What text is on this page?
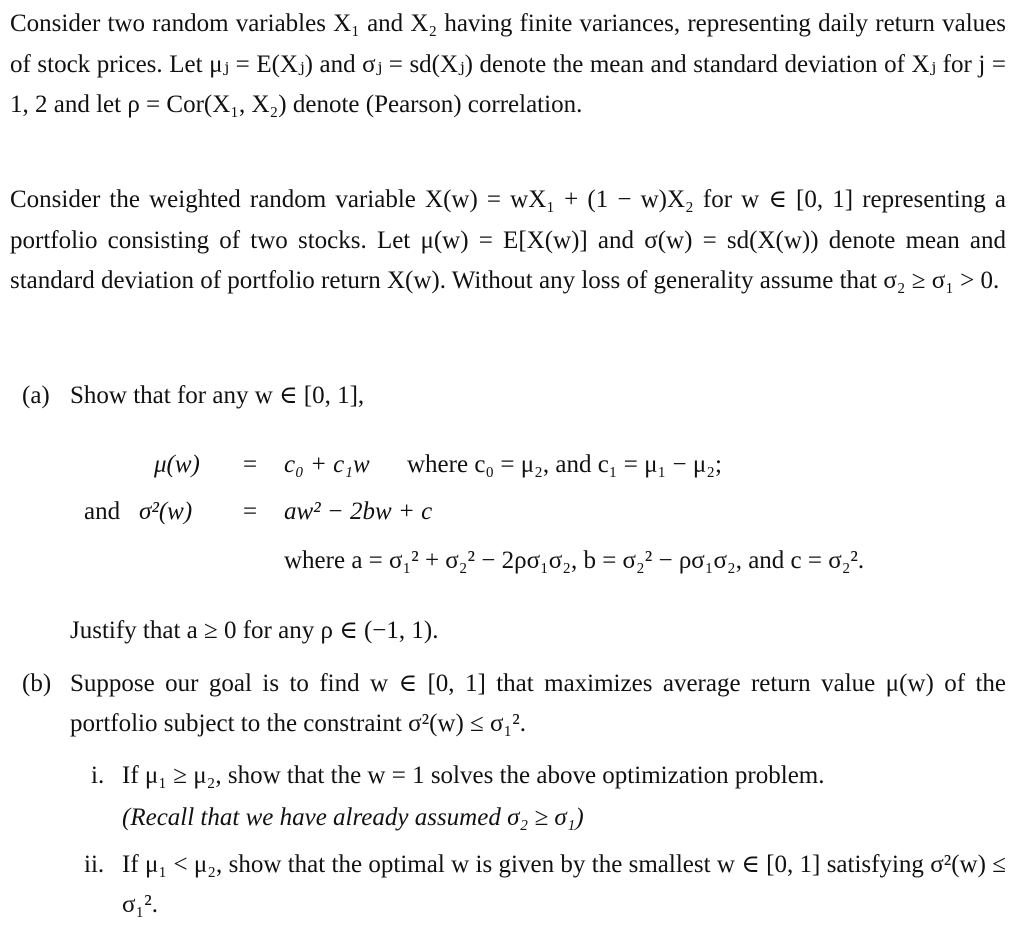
Consider two random variables X₁ and X₂ having finite variances, representing daily return values of stock prices. Let μⱼ = E(Xⱼ) and σⱼ = sd(Xⱼ) denote the mean and standard deviation of Xⱼ for j = 1, 2 and let ρ = Cor(X₁, X₂) denote (Pearson) correlation.
Consider the weighted random variable X(w) = wX₁ + (1 − w)X₂ for w ∈ [0, 1] representing a portfolio consisting of two stocks. Let μ(w) = E[X(w)] and σ(w) = sd(X(w)) denote mean and standard deviation of portfolio return X(w). Without any loss of generality assume that σ₂ ≥ σ₁ > 0.
(a) Show that for any w ∈ [0, 1],
μ(w) = c₀ + c₁w where c₀ = μ₂, and c₁ = μ₁ − μ₂;
and σ²(w) = aw² − 2bw + c
where a = σ₁² + σ₂² − 2ρσ₁σ₂, b = σ₂² − ρσ₁σ₂, and c = σ₂².
Justify that a ≥ 0 for any ρ ∈ (−1, 1).
(b) Suppose our goal is to find w ∈ [0, 1] that maximizes average return value μ(w) of the portfolio subject to the constraint σ²(w) ≤ σ₁².
i. If μ₁ ≥ μ₂, show that the w = 1 solves the above optimization problem.
(Recall that we have already assumed σ₂ ≥ σ₁)
ii. If μ₁ < μ₂, show that the optimal w is given by the smallest w ∈ [0, 1] satisfying σ²(w) ≤ σ₁².
